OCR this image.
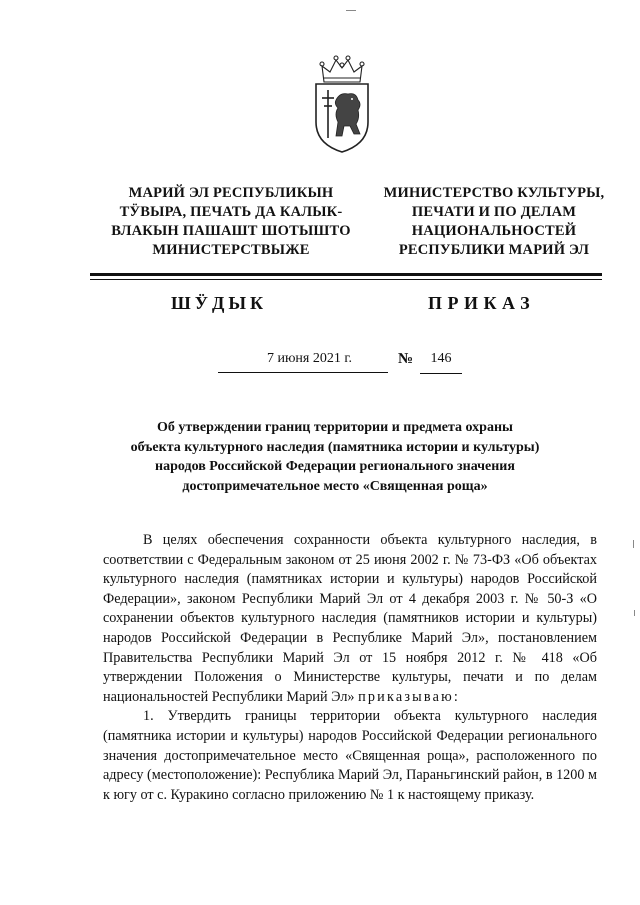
МАРИЙ ЭЛ РЕСПУБЛИКЫН
ТӰВЫРА, ПЕЧАТЬ ДА КАЛЫК-
ВЛАКЫН ПАШАШТ ШОТЫШТО
МИНИСТЕРСТВЫЖЕ
МИНИСТЕРСТВО КУЛЬТУРЫ,
ПЕЧАТИ И ПО ДЕЛАМ
НАЦИОНАЛЬНОСТЕЙ
РЕСПУБЛИКИ МАРИЙ ЭЛ
ШӰДЫК	ПРИКАЗ
7 июня 2021 г.	№	146
Об утверждении границ территории и предмета охраны
объекта культурного наследия (памятника истории и культуры)
народов Российской Федерации регионального значения
достопримечательное место «Священная роща»

В целях обеспечения сохранности объекта культурного наследия, в соответствии с Федеральным законом от 25 июня 2002 г. № 73-ФЗ «Об объектах культурного наследия (памятниках истории и культуры) народов Российской Федерации», законом Республики Марий Эл от 4 декабря 2003 г. № 50-З «О сохранении объектов культурного наследия (памятников истории и культуры) народов Российской Федерации в Республике Марий Эл», постановлением Правительства Республики Марий Эл от 15 ноября 2012 г. № 418 «Об утверждении Положения о Министерстве культуры, печати и по делам национальностей Республики Марий Эл» приказываю:

1. Утвердить границы территории объекта культурного наследия (памятника истории и культуры) народов Российской Федерации регионального значения достопримечательное место «Священная роща», расположенного по адресу (местоположение): Республика Марий Эл, Параньгинский район, в 1200 м к югу от с. Куракино согласно приложению № 1 к настоящему приказу.
